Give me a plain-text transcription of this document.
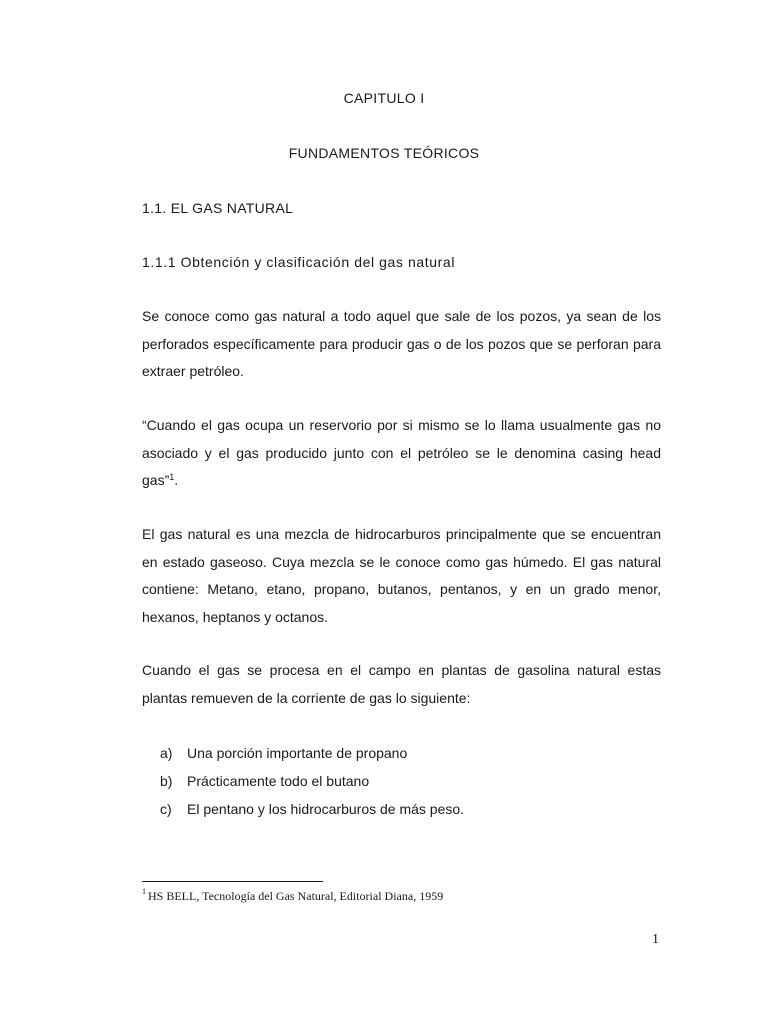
CAPITULO I
FUNDAMENTOS TEÓRICOS
1.1. EL GAS NATURAL
1.1.1 Obtención y clasificación del gas natural

Se conoce como gas natural a todo aquel que sale de los pozos, ya sean de los perforados específicamente para producir gas o de los pozos que se perforan para extraer petróleo.

“Cuando el gas ocupa un reservorio por si mismo se lo llama usualmente gas no asociado y el gas producido junto con el petróleo se le denomina casing head gas”$^1$.

El gas natural es una mezcla de hidrocarburos principalmente que se encuentran en estado gaseoso. Cuya mezcla se le conoce como gas húmedo. El gas natural contiene: Metano, etano, propano, butanos, pentanos, y en un grado menor, hexanos, heptanos y octanos.

Cuando el gas se procesa en el campo en plantas de gasolina natural estas plantas remueven de la corriente de gas lo siguiente:

a)	Una porción importante de propano
b)	Prácticamente todo el butano
c)	El pentano y los hidrocarburos de más peso.
$^1$ HS BELL, Tecnología del Gas Natural, Editorial Diana, 1959
1
